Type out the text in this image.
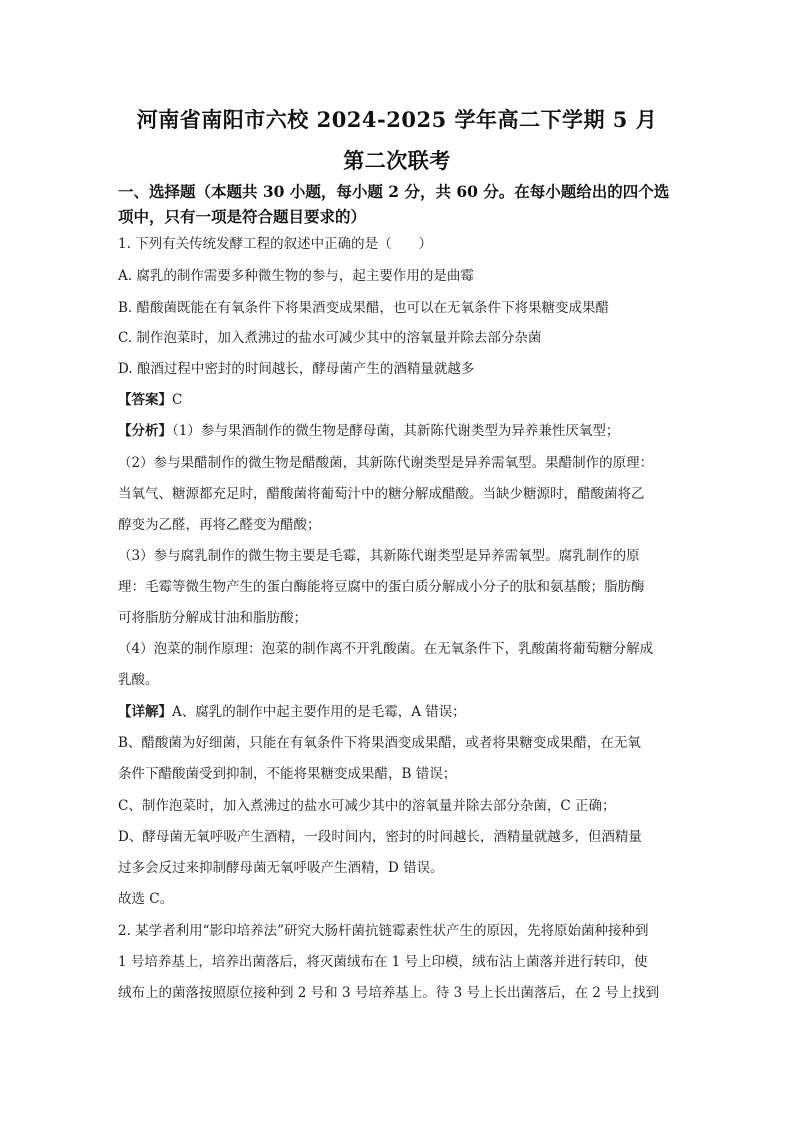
河南省南阳市六校 2024-2025 学年高二下学期 5 月
第二次联考
一、选择题（本题共 30 小题，每小题 2 分，共 60 分。在每小题给出的四个选
项中，只有一项是符合题目要求的）
1. 下列有关传统发酵工程的叙述中正确的是（　　）
A. 腐乳的制作需要多种微生物的参与，起主要作用的是曲霉
B. 醋酸菌既能在有氧条件下将果酒变成果醋，也可以在无氧条件下将果糖变成果醋
C. 制作泡菜时，加入煮沸过的盐水可减少其中的溶氧量并除去部分杂菌
D. 酿酒过程中密封的时间越长，酵母菌产生的酒精量就越多
【答案】C
【分析】（1）参与果酒制作的微生物是酵母菌，其新陈代谢类型为异养兼性厌氧型；
（2）参与果醋制作的微生物是醋酸菌，其新陈代谢类型是异养需氧型。果醋制作的原理：
当氧气、糖源都充足时，醋酸菌将葡萄汁中的糖分解成醋酸。当缺少糖源时，醋酸菌将乙
醇变为乙醛，再将乙醛变为醋酸；
（3）参与腐乳制作的微生物主要是毛霉，其新陈代谢类型是异养需氧型。腐乳制作的原
理：毛霉等微生物产生的蛋白酶能将豆腐中的蛋白质分解成小分子的肽和氨基酸；脂肪酶
可将脂肪分解成甘油和脂肪酸；
（4）泡菜的制作原理：泡菜的制作离不开乳酸菌。在无氧条件下，乳酸菌将葡萄糖分解成
乳酸。
【详解】A、腐乳的制作中起主要作用的是毛霉，A 错误；
B、醋酸菌为好细菌，只能在有氧条件下将果酒变成果醋，或者将果糖变成果醋，在无氧
条件下醋酸菌受到抑制，不能将果糖变成果醋，B 错误；
C、制作泡菜时，加入煮沸过的盐水可减少其中的溶氧量并除去部分杂菌，C 正确；
D、酵母菌无氧呼吸产生酒精，一段时间内，密封的时间越长，酒精量就越多，但酒精量
过多会反过来抑制酵母菌无氧呼吸产生酒精，D 错误。
故选 C。
2. 某学者利用“影印培养法”研究大肠杆菌抗链霉素性状产生的原因，先将原始菌种接种到
1 号培养基上，培养出菌落后，将灭菌绒布在 1 号上印模，绒布沾上菌落并进行转印，使
绒布上的菌落按照原位接种到 2 号和 3 号培养基上。待 3 号上长出菌落后，在 2 号上找到
